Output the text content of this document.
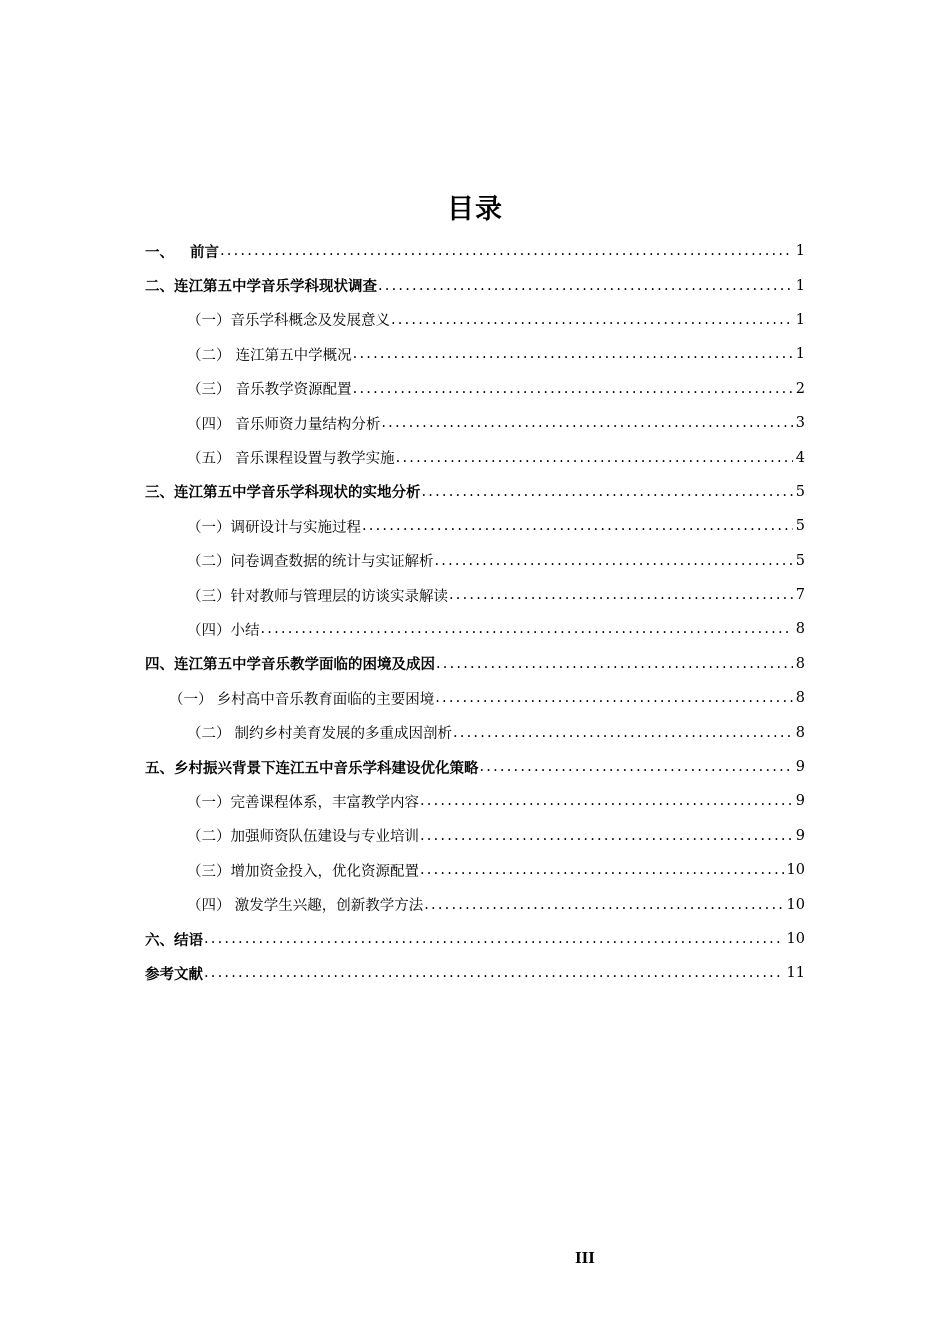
目录
一、 前言 .....	1
二、连江第五中学音乐学科现状调查 .....	1
（一）音乐学科概念及发展意义 .....	1
（二） 连江第五中学概况 .....	1
（三） 音乐教学资源配置 .....	2
（四） 音乐师资力量结构分析 .....	3
（五） 音乐课程设置与教学实施 .....	4
三、连江第五中学音乐学科现状的实地分析 .....	5
（一）调研设计与实施过程 .....	5
（二）问卷调查数据的统计与实证解析 .....	5
（三）针对教师与管理层的访谈实录解读 .....	7
（四）小结 .....	8
四、连江第五中学音乐教学面临的困境及成因 .....	8
（一） 乡村高中音乐教育面临的主要困境 .....	8
（二） 制约乡村美育发展的多重成因剖析 .....	8
五、乡村振兴背景下连江五中音乐学科建设优化策略 .....	9
（一）完善课程体系，丰富教学内容 .....	9
（二）加强师资队伍建设与专业培训 .....	9
（三）增加资金投入，优化资源配置 .....	10
（四） 激发学生兴趣，创新教学方法 .....	10
六、结语 .....	10
参考文献 .....	11
III
